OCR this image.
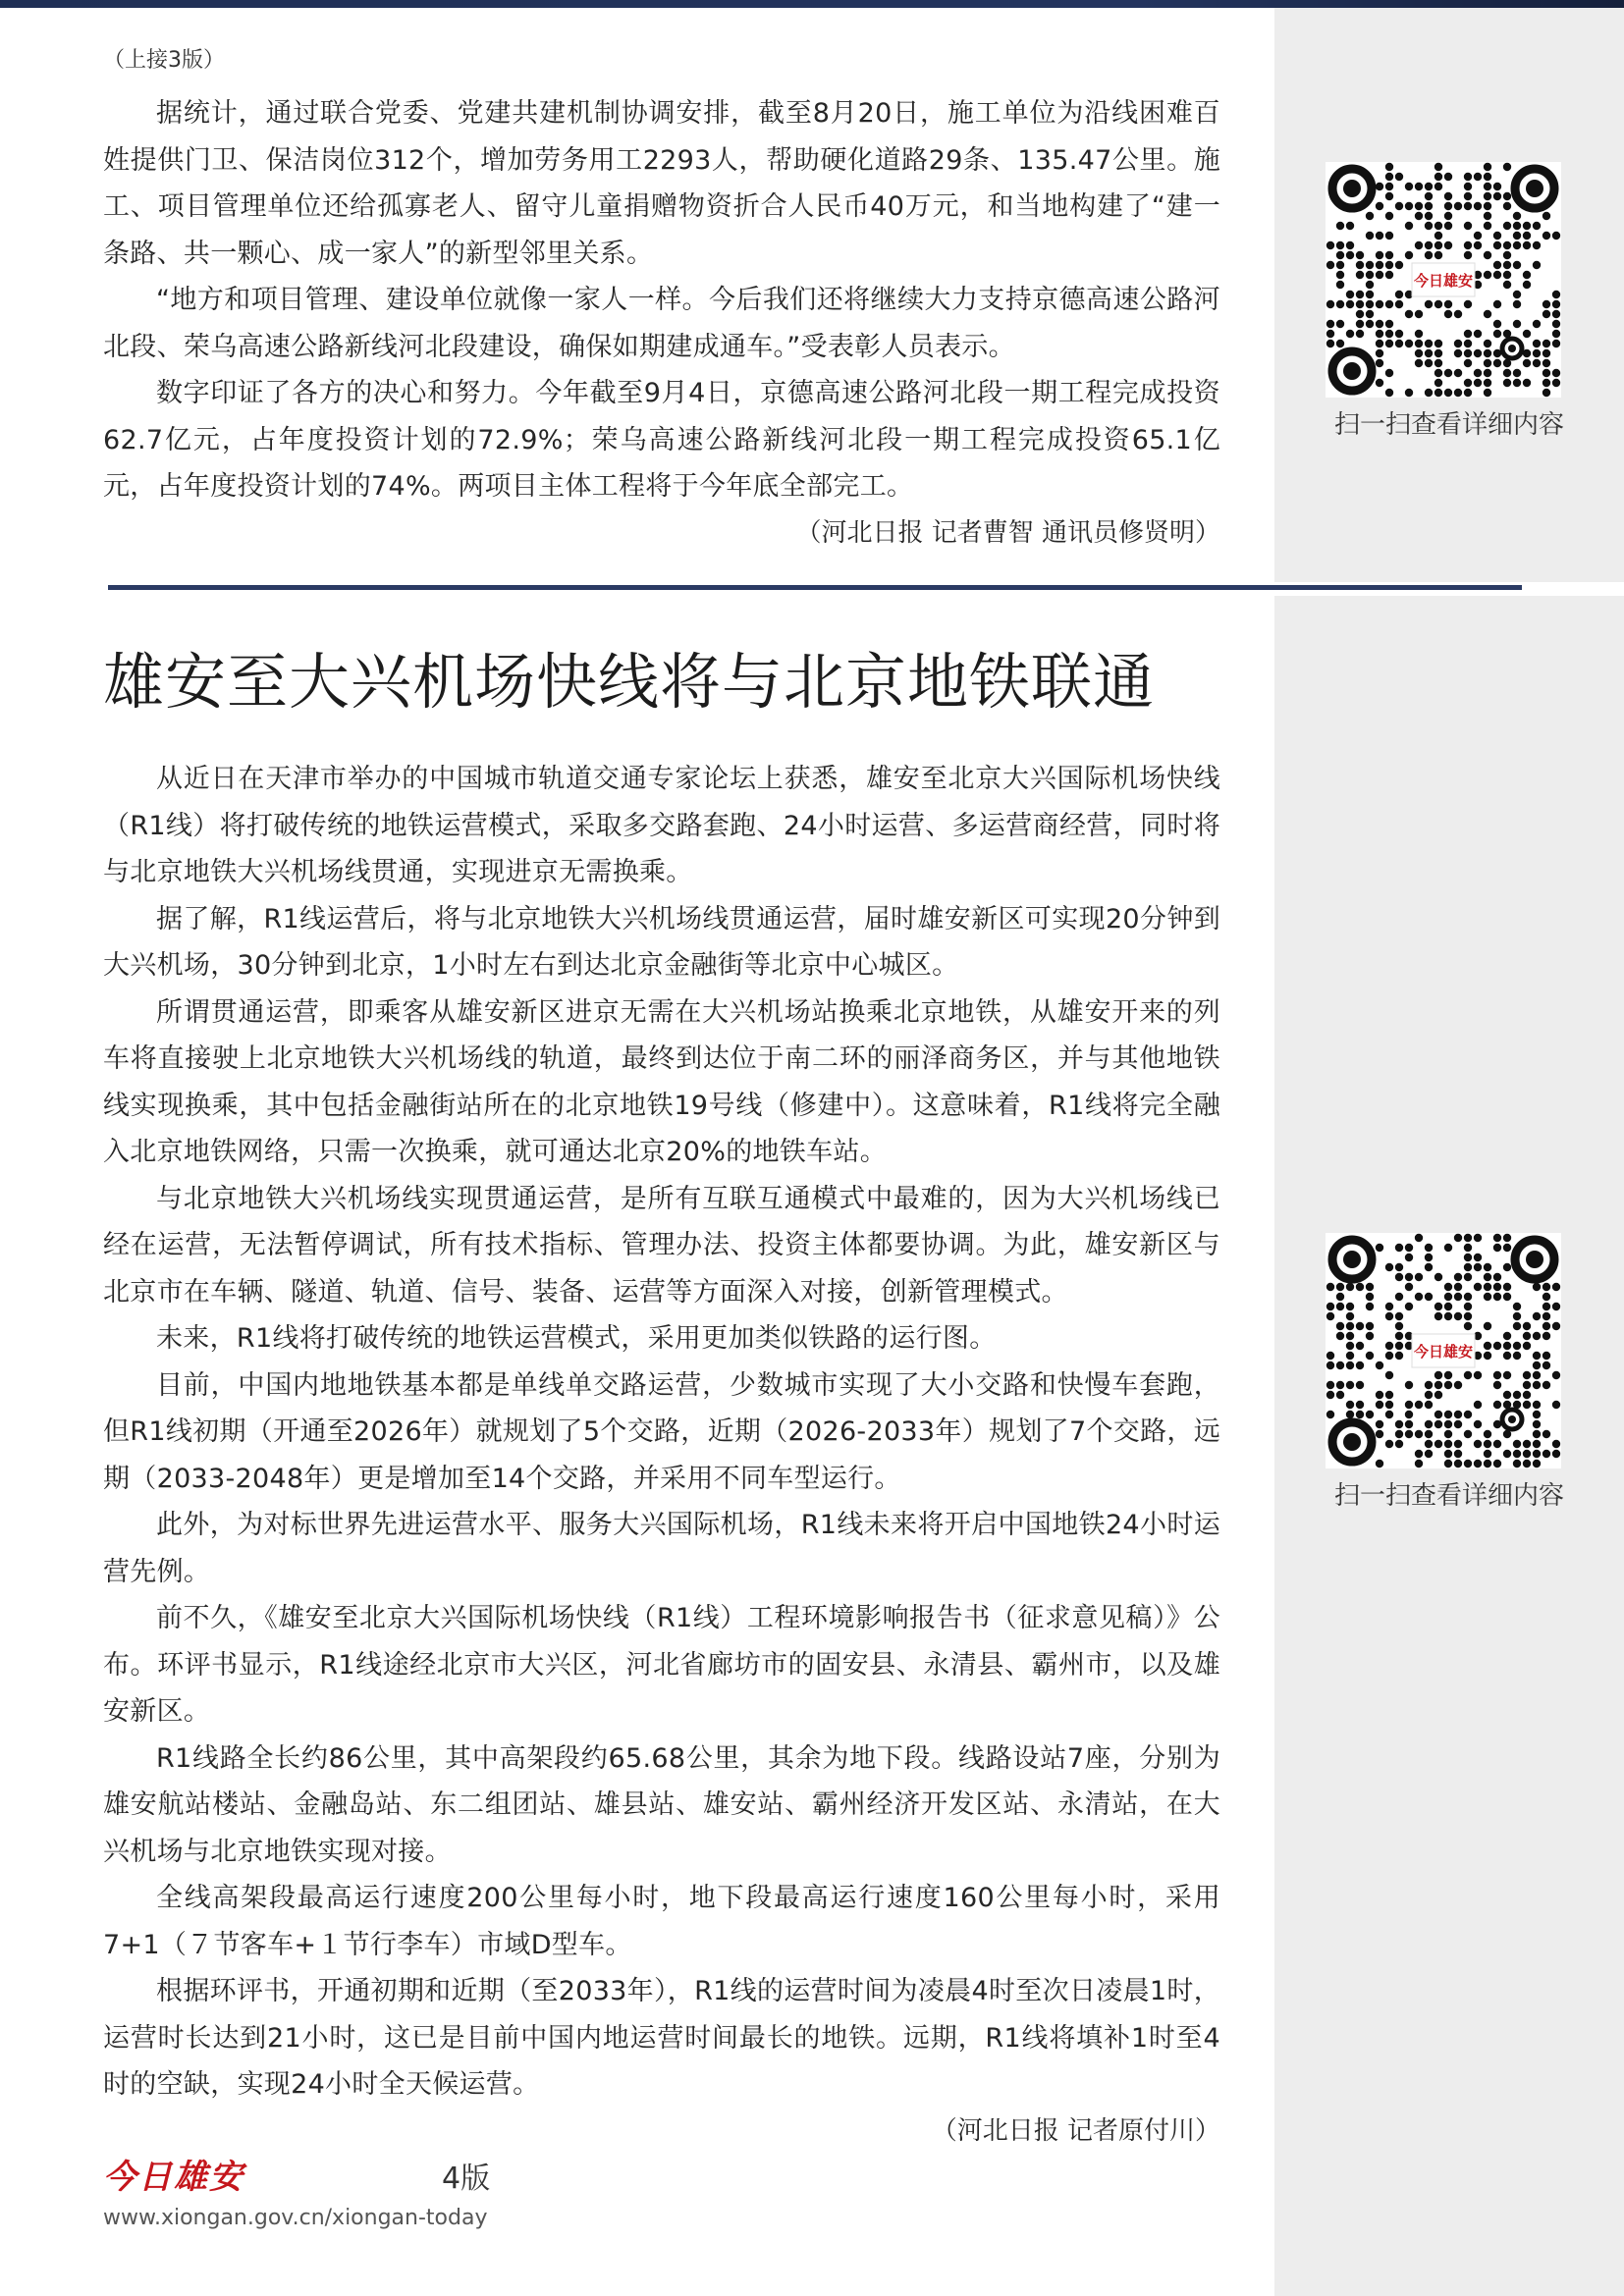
（上接3版）

据统计，通过联合党委、党建共建机制协调安排，截至8月20日，施工单位为沿线困难百姓提供门卫、保洁岗位312个，增加劳务用工2293人，帮助硬化道路29条、135.47公里。施工、项目管理单位还给孤寡老人、留守儿童捐赠物资折合人民币40万元，和当地构建了“建一条路、共一颗心、成一家人”的新型邻里关系。

“地方和项目管理、建设单位就像一家人一样。今后我们还将继续大力支持京德高速公路河北段、荣乌高速公路新线河北段建设，确保如期建成通车。”受表彰人员表示。

数字印证了各方的决心和努力。今年截至9月4日，京德高速公路河北段一期工程完成投资62.7亿元，占年度投资计划的72.9%；荣乌高速公路新线河北段一期工程完成投资65.1亿元，占年度投资计划的74%。两项目主体工程将于今年底全部完工。

（河北日报 记者曹智 通讯员修贤明）

雄安至大兴机场快线将与北京地铁联通

从近日在天津市举办的中国城市轨道交通专家论坛上获悉，雄安至北京大兴国际机场快线（R1线）将打破传统的地铁运营模式，采取多交路套跑、24小时运营、多运营商经营，同时将与北京地铁大兴机场线贯通，实现进京无需换乘。

据了解，R1线运营后，将与北京地铁大兴机场线贯通运营，届时雄安新区可实现20分钟到大兴机场，30分钟到北京，1小时左右到达北京金融街等北京中心城区。

所谓贯通运营，即乘客从雄安新区进京无需在大兴机场站换乘北京地铁，从雄安开来的列车将直接驶上北京地铁大兴机场线的轨道，最终到达位于南二环的丽泽商务区，并与其他地铁线实现换乘，其中包括金融街站所在的北京地铁19号线（修建中）。这意味着，R1线将完全融入北京地铁网络，只需一次换乘，就可通达北京20%的地铁车站。

与北京地铁大兴机场线实现贯通运营，是所有互联互通模式中最难的，因为大兴机场线已经在运营，无法暂停调试，所有技术指标、管理办法、投资主体都要协调。为此，雄安新区与北京市在车辆、隧道、轨道、信号、装备、运营等方面深入对接，创新管理模式。

未来，R1线将打破传统的地铁运营模式，采用更加类似铁路的运行图。

目前，中国内地地铁基本都是单线单交路运营，少数城市实现了大小交路和快慢车套跑，但R1线初期（开通至2026年）就规划了5个交路，近期（2026-2033年）规划了7个交路，远期（2033-2048年）更是增加至14个交路，并采用不同车型运行。

此外，为对标世界先进运营水平、服务大兴国际机场，R1线未来将开启中国地铁24小时运营先例。

前不久，《雄安至北京大兴国际机场快线（R1线）工程环境影响报告书（征求意见稿）》公布。环评书显示，R1线途经北京市大兴区，河北省廊坊市的固安县、永清县、霸州市，以及雄安新区。

R1线路全长约86公里，其中高架段约65.68公里，其余为地下段。线路设站7座，分别为雄安航站楼站、金融岛站、东二组团站、雄县站、雄安站、霸州经济开发区站、永清站，在大兴机场与北京地铁实现对接。

全线高架段最高运行速度200公里每小时，地下段最高运行速度160公里每小时，采用7+1（７节客车+１节行李车）市域D型车。

根据环评书，开通初期和近期（至2033年），R1线的运营时间为凌晨4时至次日凌晨1时，运营时长达到21小时，这已是目前中国内地运营时间最长的地铁。远期，R1线将填补1时至4时的空缺，实现24小时全天候运营。

（河北日报 记者原付川）

今日雄安
扫一扫查看详细内容
今日雄安
扫一扫查看详细内容
今日雄安	4版
www.xiongan.gov.cn/xiongan-today
